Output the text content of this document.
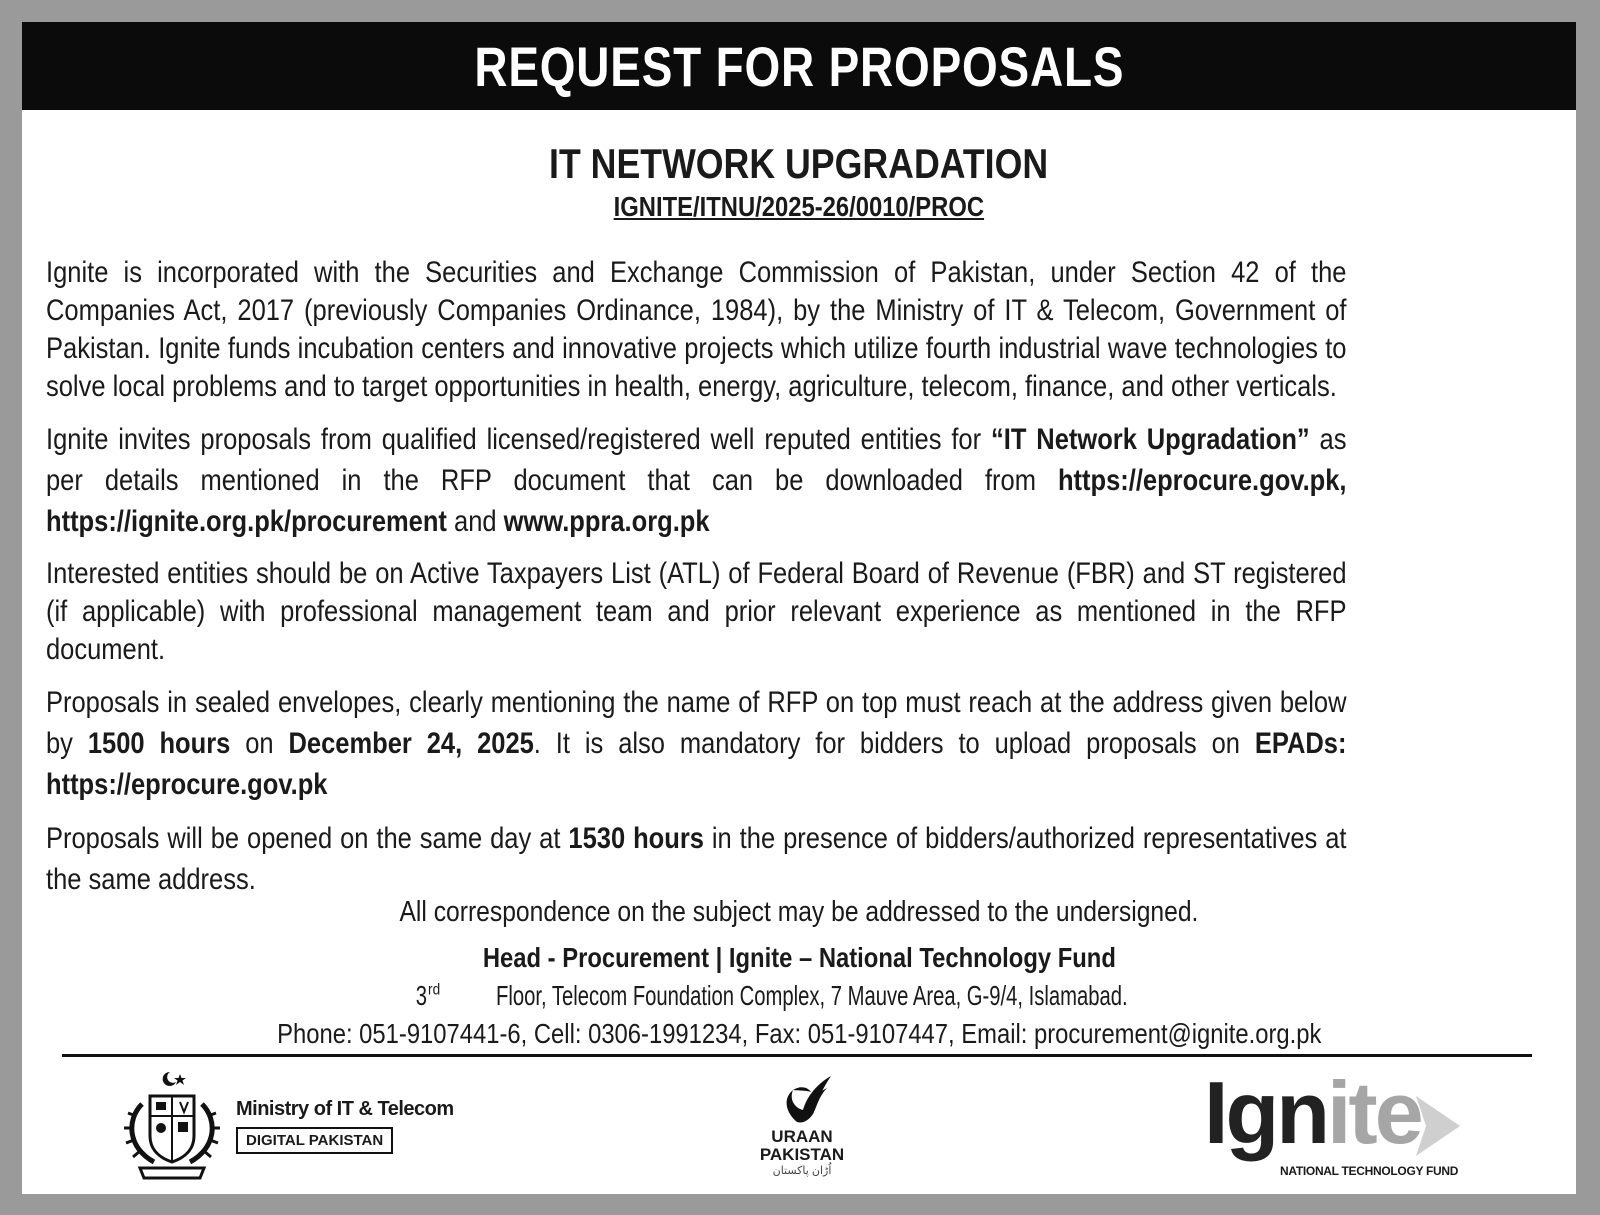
REQUEST FOR PROPOSALS
IT NETWORK UPGRADATION
IGNITE/ITNU/2025-26/0010/PROC

Ignite is incorporated with the Securities and Exchange Commission of Pakistan, under Section 42 of the Companies Act, 2017 (previously Companies Ordinance, 1984), by the Ministry of IT & Telecom, Government of Pakistan. Ignite funds incubation centers and innovative projects which utilize fourth industrial wave technologies to solve local problems and to target opportunities in health, energy, agriculture, telecom, finance, and other verticals.

Ignite invites proposals from qualified licensed/registered well reputed entities for “IT Network Upgradation” as per details mentioned in the RFP document that can be downloaded from https://eprocure.gov.pk, https://ignite.org.pk/procurement and www.ppra.org.pk

Interested entities should be on Active Taxpayers List (ATL) of Federal Board of Revenue (FBR) and ST registered (if applicable) with professional management team and prior relevant experience as mentioned in the RFP document.

Proposals in sealed envelopes, clearly mentioning the name of RFP on top must reach at the address given below by 1500 hours on December 24, 2025. It is also mandatory for bidders to upload proposals on EPADs: https://eprocure.gov.pk

Proposals will be opened on the same day at 1530 hours in the presence of bidders/authorized representatives at the same address.

All correspondence on the subject may be addressed to the undersigned.
Head - Procurement | Ignite – National Technology Fund
3rdFloor, Telecom Foundation Complex, 7 Mauve Area, G-9/4, Islamabad.
Phone: 051-9107441-6, Cell: 0306-1991234, Fax: 051-9107447, Email: procurement@ignite.org.pk
Ministry of IT & Telecom
DIGITAL PAKISTAN	URAAN
PAKISTAN
اُڑان پاکستان
Ignite
NATIONAL TECHNOLOGY FUND
